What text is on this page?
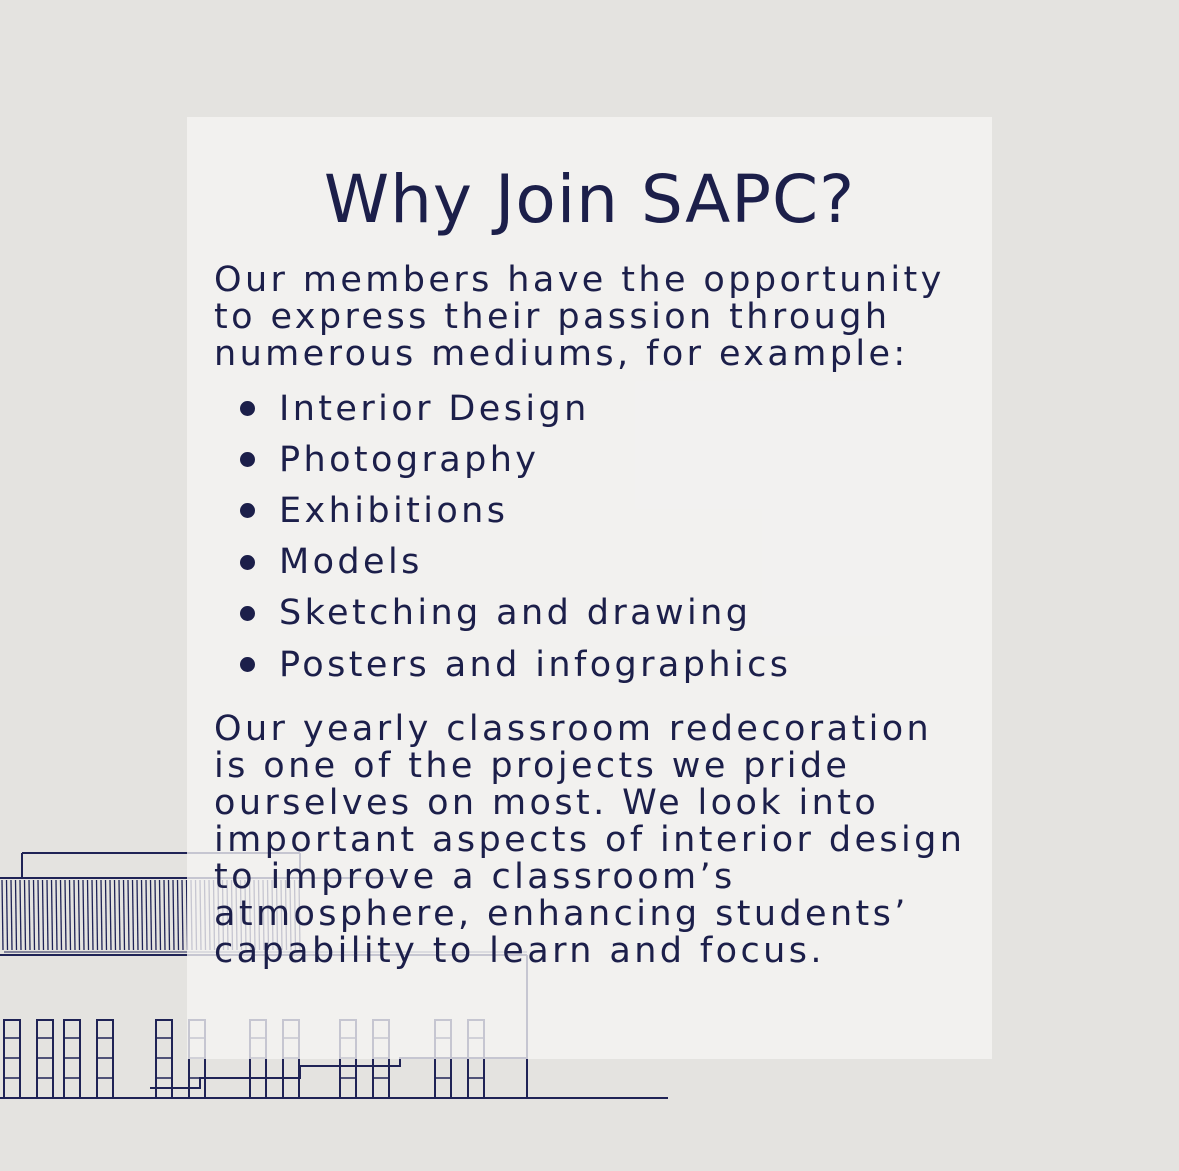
Why Join SAPC?

Our members have the opportunity
to express their passion through
numerous mediums, for example:

Interior Design
Photography
Exhibitions
Models
Sketching and drawing
Posters and infographics

Our yearly classroom redecoration
is one of the projects we pride
ourselves on most. We look into
important aspects of interior design
to improve a classroom’s
atmosphere, enhancing students’
capability to learn and focus.
